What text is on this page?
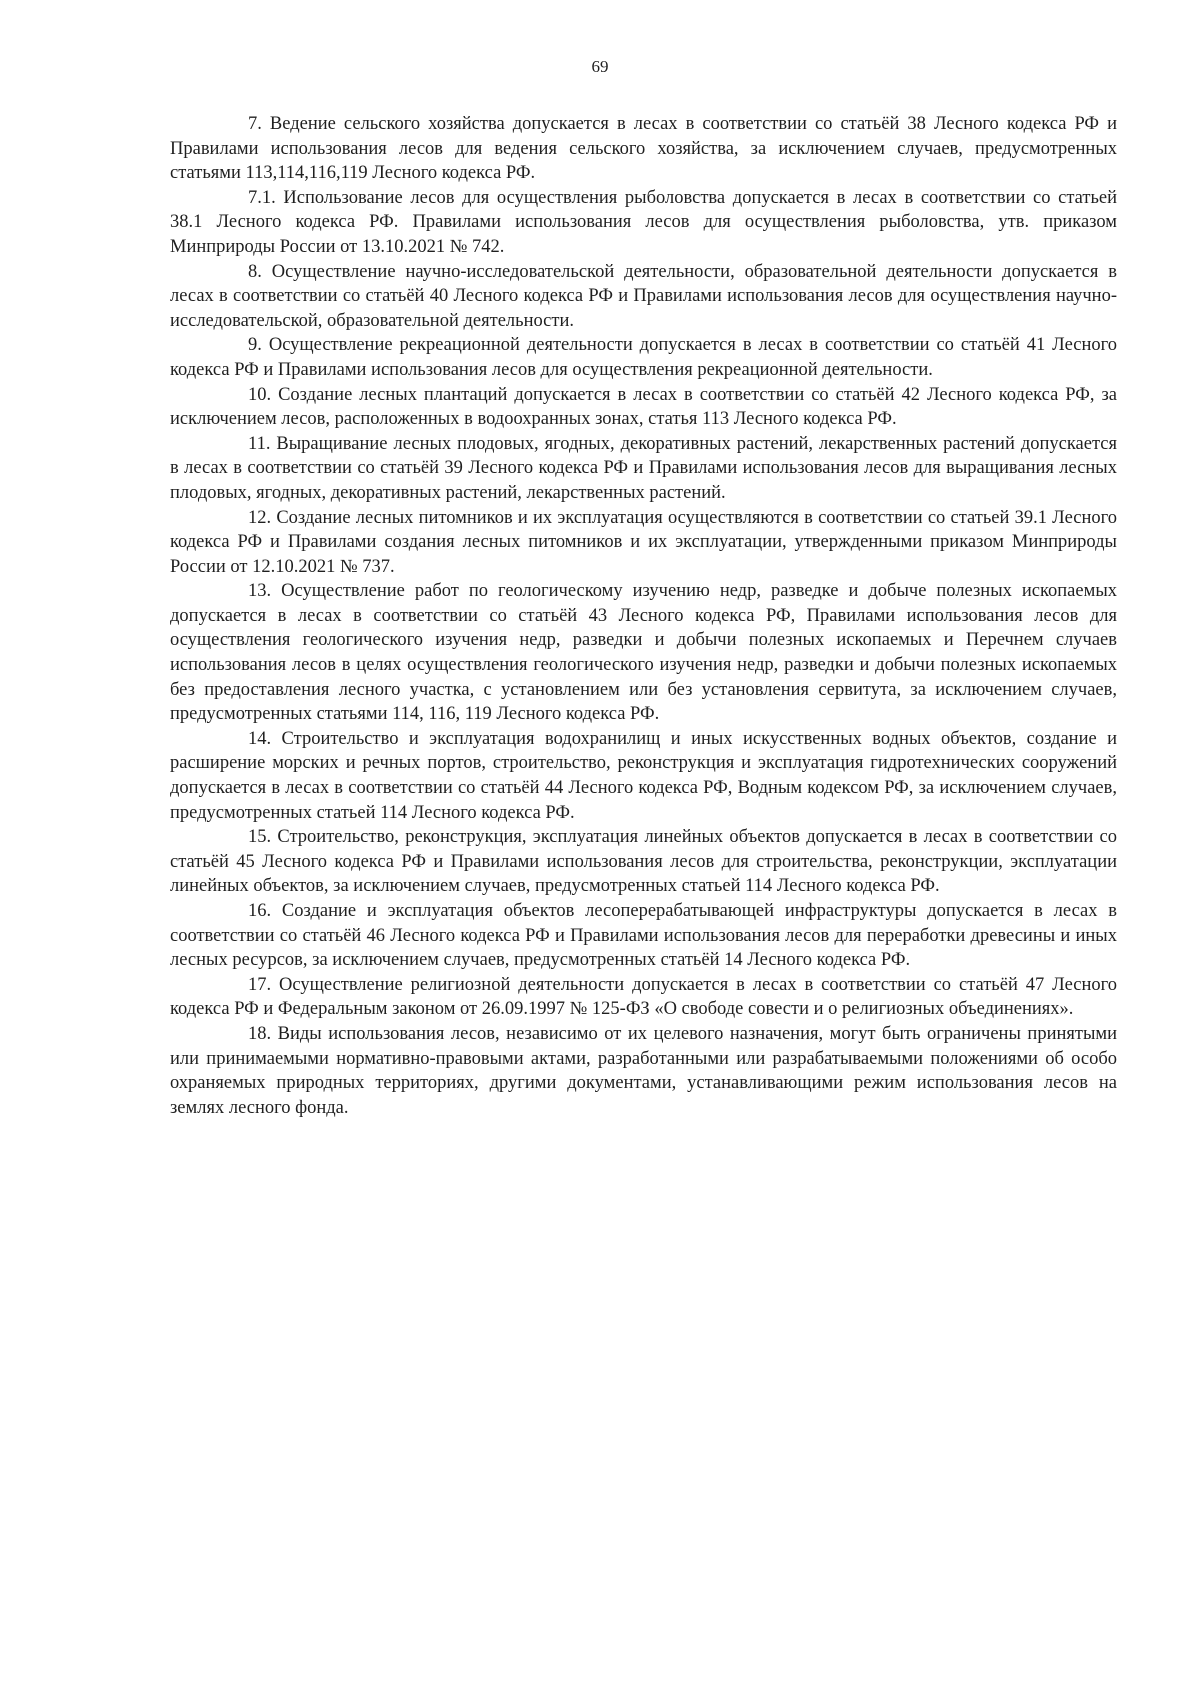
69

7. Ведение сельского хозяйства допускается в лесах в соответствии со статьёй 38 Лесного кодекса РФ и Правилами использования лесов для ведения сельского хозяйства, за исключением случаев, предусмотренных статьями 113,114,116,119 Лесного кодекса РФ.

7.1. Использование лесов для осуществления рыболовства допускается в лесах в соответствии со статьей 38.1 Лесного кодекса РФ. Правилами использования лесов для осуществления рыболовства, утв. приказом Минприроды России от 13.10.2021 № 742.

8. Осуществление научно-исследовательской деятельности, образовательной деятельности допускается в лесах в соответствии со статьёй 40 Лесного кодекса РФ и Правилами использования лесов для осуществления научно-исследовательской, образовательной деятельности.

9. Осуществление рекреационной деятельности допускается в лесах в соответствии со статьёй 41 Лесного кодекса РФ и Правилами использования лесов для осуществления рекреационной деятельности.

10. Создание лесных плантаций допускается в лесах в соответствии со статьёй 42 Лесного кодекса РФ, за исключением лесов, расположенных в водоохранных зонах, статья 113 Лесного кодекса РФ.

11. Выращивание лесных плодовых, ягодных, декоративных растений, лекарственных растений допускается в лесах в соответствии со статьёй 39 Лесного кодекса РФ и Правилами использования лесов для выращивания лесных плодовых, ягодных, декоративных растений, лекарственных растений.

12. Создание лесных питомников и их эксплуатация осуществляются в соответствии со статьей 39.1 Лесного кодекса РФ и Правилами создания лесных питомников и их эксплуатации, утвержденными приказом Минприроды России от 12.10.2021 № 737.

13. Осуществление работ по геологическому изучению недр, разведке и добыче полезных ископаемых допускается в лесах в соответствии со статьёй 43 Лесного кодекса РФ, Правилами использования лесов для осуществления геологического изучения недр, разведки и добычи полезных ископаемых и Перечнем случаев использования лесов в целях осуществления геологического изучения недр, разведки и добычи полезных ископаемых без предоставления лесного участка, с установлением или без установления сервитута, за исключением случаев, предусмотренных статьями 114, 116, 119 Лесного кодекса РФ.

14. Строительство и эксплуатация водохранилищ и иных искусственных водных объектов, создание и расширение морских и речных портов, строительство, реконструкция и эксплуатация гидротехнических сооружений допускается в лесах в соответствии со статьёй 44 Лесного кодекса РФ, Водным кодексом РФ, за исключением случаев, предусмотренных статьей 114 Лесного кодекса РФ.

15. Строительство, реконструкция, эксплуатация линейных объектов допускается в лесах в соответствии со статьёй 45 Лесного кодекса РФ и Правилами использования лесов для строительства, реконструкции, эксплуатации линейных объектов, за исключением случаев, предусмотренных статьей 114 Лесного кодекса РФ.

16. Создание и эксплуатация объектов лесоперерабатывающей инфраструктуры допускается в лесах в соответствии со статьёй 46 Лесного кодекса РФ и Правилами использования лесов для переработки древесины и иных лесных ресурсов, за исключением случаев, предусмотренных статьёй 14 Лесного кодекса РФ.

17. Осуществление религиозной деятельности допускается в лесах в соответствии со статьёй 47 Лесного кодекса РФ и Федеральным законом от 26.09.1997 № 125-ФЗ «О свободе совести и о религиозных объединениях».

18. Виды использования лесов, независимо от их целевого назначения, могут быть ограничены принятыми или принимаемыми нормативно-правовыми актами, разработанными или разрабатываемыми положениями об особо охраняемых природных территориях, другими документами, устанавливающими режим использования лесов на землях лесного фонда.
